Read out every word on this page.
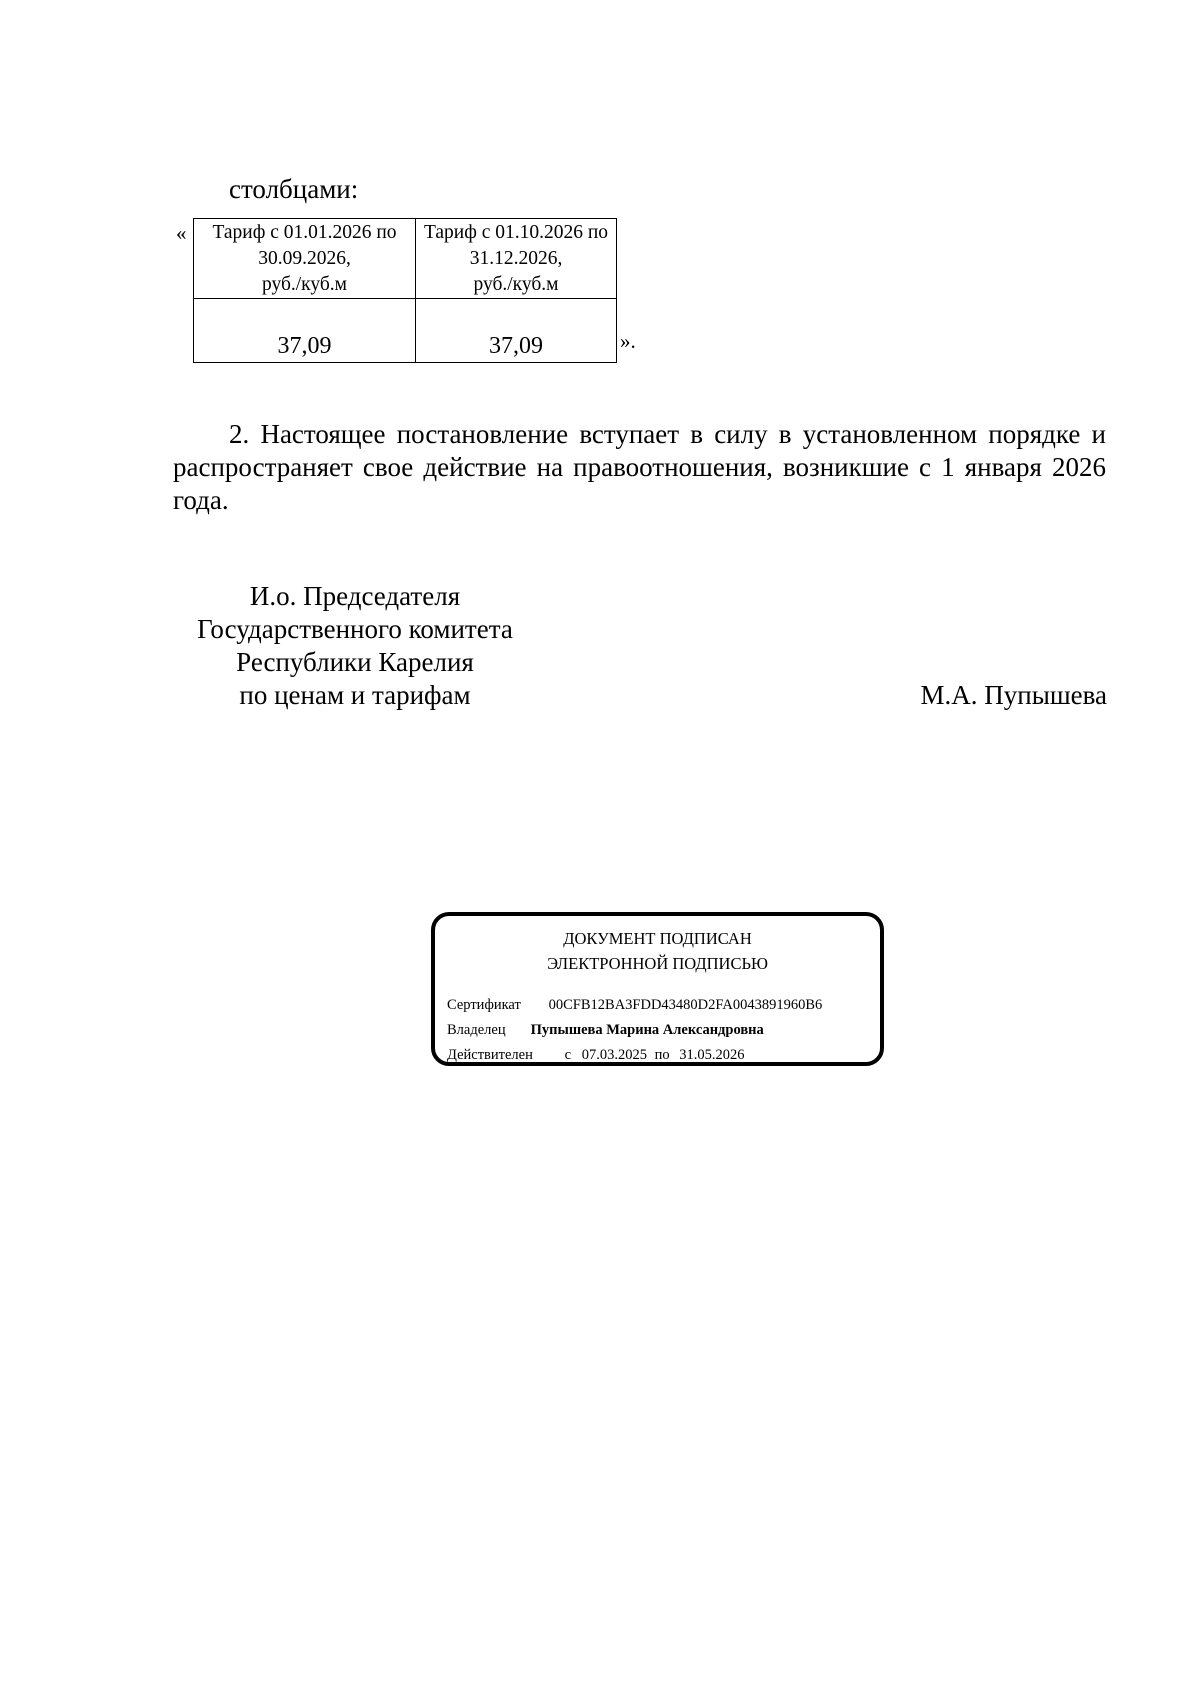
столбцами:
«	Тариф с 01.01.2026 по
30.09.2026,
руб./куб.м	Тариф с 01.10.2026 по
31.12.2026,
руб./куб.м

37,09	37,09	».
2. Настоящее постановление вступает в силу в установленном порядке и распространяет свое действие на правоотношения, возникшие с 1 января 2026 года.
И.о. Председателя
Государственного комитета
Республики Карелия
по ценам и тарифам	М.А. Пупышева
ДОКУМЕНТ ПОДПИСАН
ЭЛЕКТРОННОЙ ПОДПИСЬЮ
Сертификат 00CFB12BA3FDD43480D2FA0043891960B6
Владелец Пупышева Марина Александровна
Действителен с 07.03.2025 по 31.05.2026
